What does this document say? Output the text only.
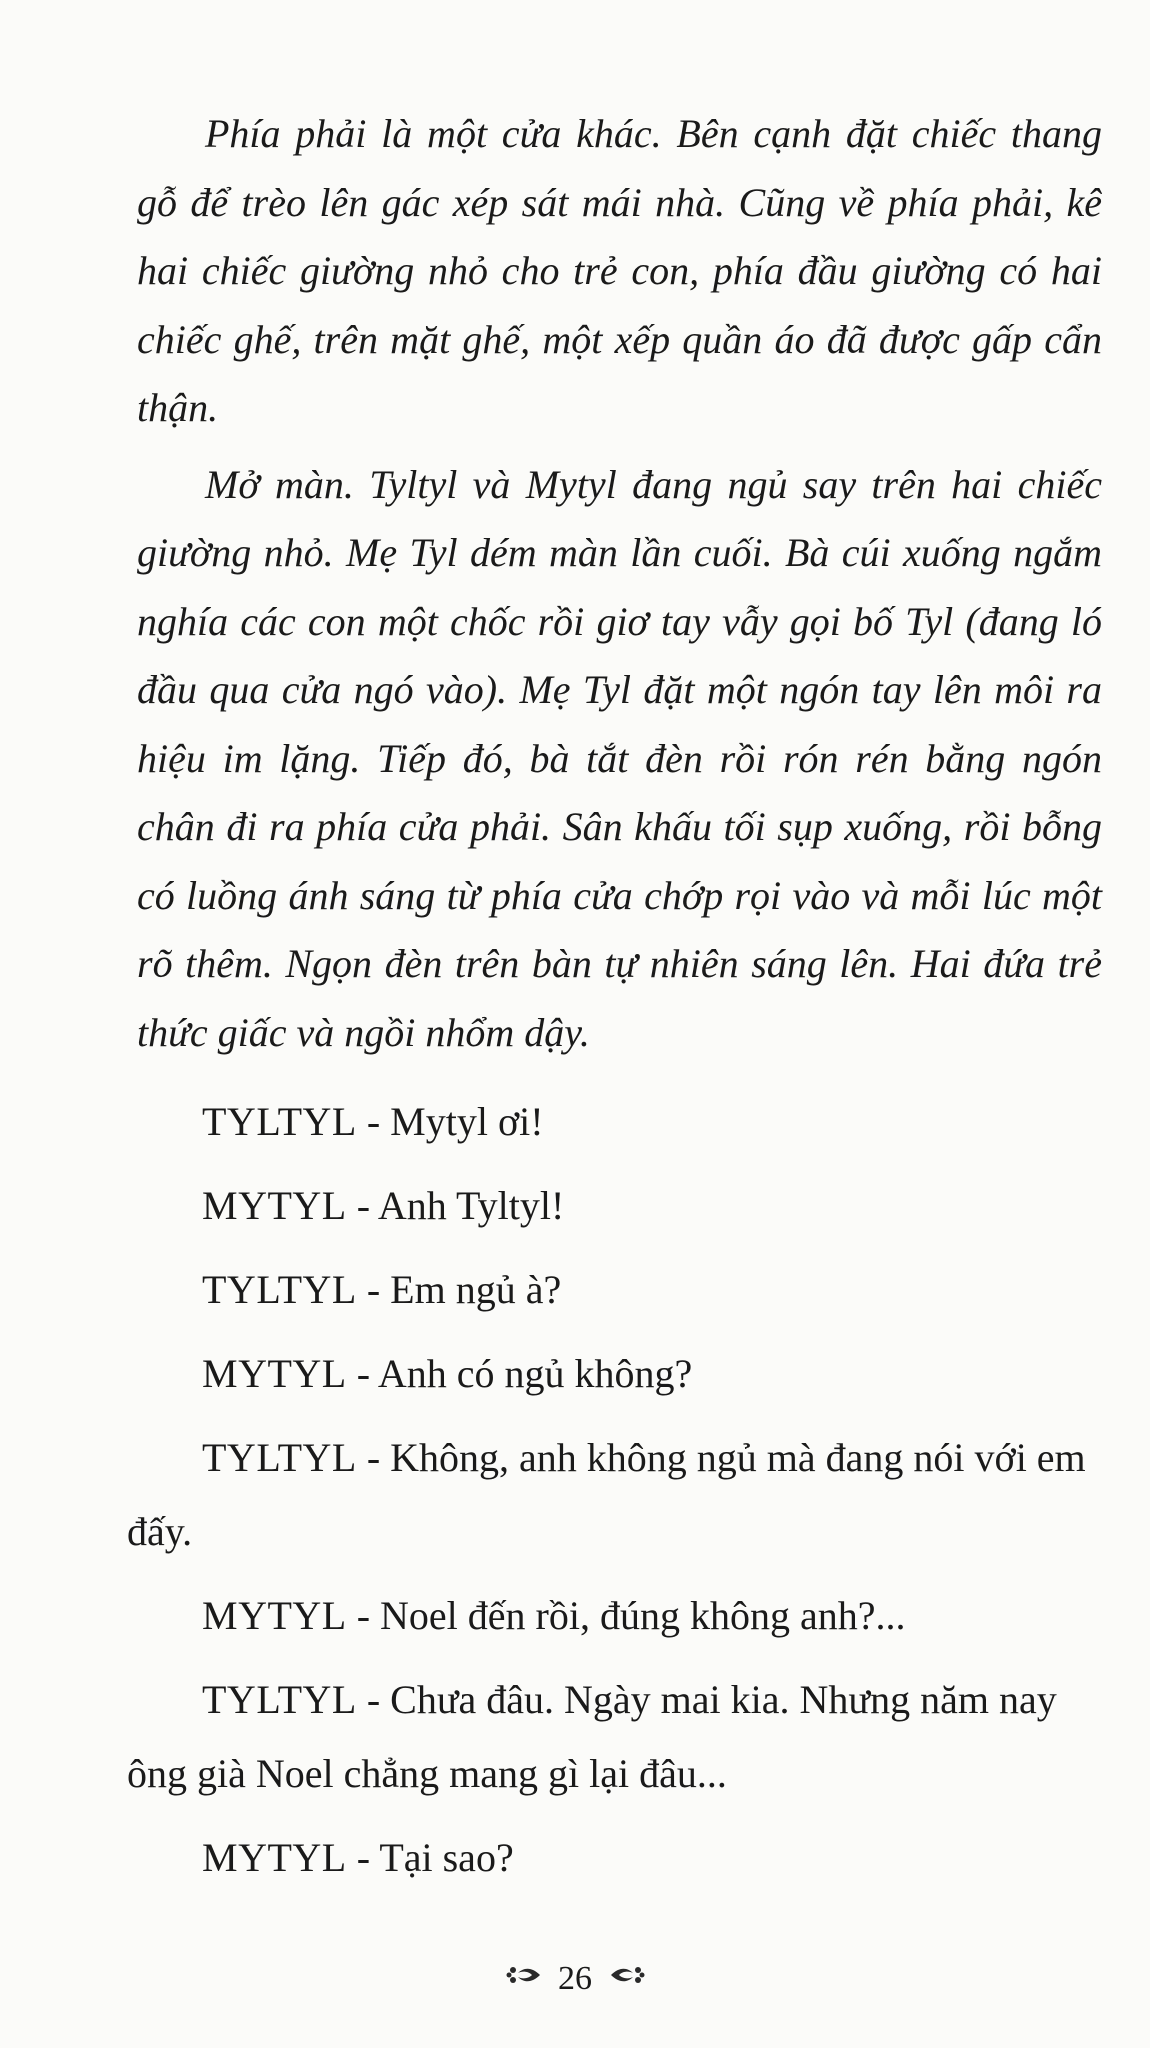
Phía phải là một cửa khác. Bên cạnh đặt chiếc thang gỗ để trèo lên gác xép sát mái nhà. Cũng về phía phải, kê hai chiếc giường nhỏ cho trẻ con, phía đầu giường có hai chiếc ghế, trên mặt ghế, một xếp quần áo đã được gấp cẩn thận.

Mở màn. Tyltyl và Mytyl đang ngủ say trên hai chiếc giường nhỏ. Mẹ Tyl dém màn lần cuối. Bà cúi xuống ngắm nghía các con một chốc rồi giơ tay vẫy gọi bố Tyl (đang ló đầu qua cửa ngó vào). Mẹ Tyl đặt một ngón tay lên môi ra hiệu im lặng. Tiếp đó, bà tắt đèn rồi rón rén bằng ngón chân đi ra phía cửa phải. Sân khấu tối sụp xuống, rồi bỗng có luồng ánh sáng từ phía cửa chớp rọi vào và mỗi lúc một rõ thêm. Ngọn đèn trên bàn tự nhiên sáng lên. Hai đứa trẻ thức giấc và ngồi nhổm dậy.

TYLTYL - Mytyl ơi!

MYTYL - Anh Tyltyl!

TYLTYL - Em ngủ à?

MYTYL - Anh có ngủ không?

TYLTYL - Không, anh không ngủ mà đang nói với em đấy.

MYTYL - Noel đến rồi, đúng không anh?...

TYLTYL - Chưa đâu. Ngày mai kia. Nhưng năm nay ông già Noel chẳng mang gì lại đâu...

MYTYL - Tại sao?

26
